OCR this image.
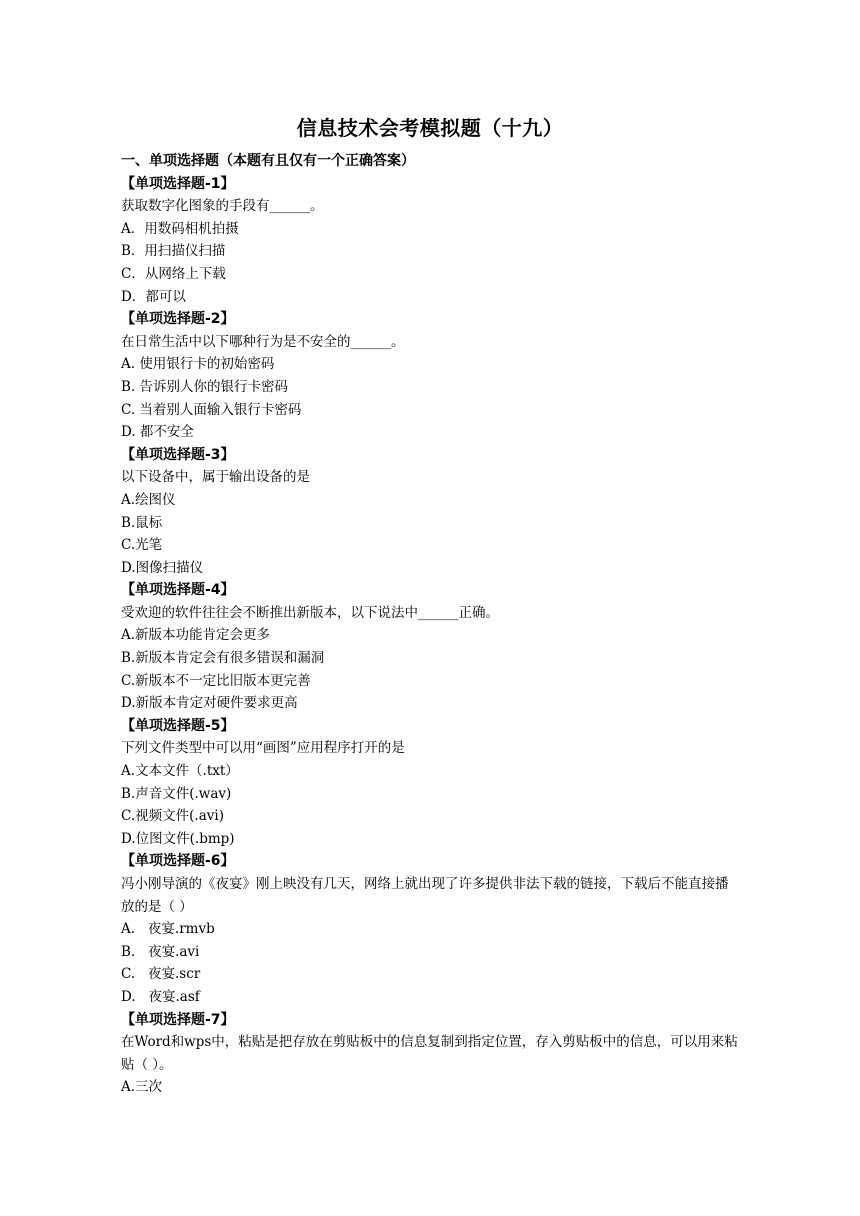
信息技术会考模拟题（十九）
一、单项选择题（本题有且仅有一个正确答案）
【单项选择题-1】
获取数字化图象的手段有______。
A．用数码相机拍摄
B．用扫描仪扫描
C．从网络上下载
D．都可以
【单项选择题-2】
在日常生活中以下哪种行为是不安全的______。
A. 使用银行卡的初始密码
B. 告诉别人你的银行卡密码
C. 当着别人面输入银行卡密码
D. 都不安全
【单项选择题-3】
以下设备中，属于输出设备的是
A.绘图仪
B.鼠标
C.光笔
D.图像扫描仪
【单项选择题-4】
受欢迎的软件往往会不断推出新版本，以下说法中______正确。
A.新版本功能肯定会更多
B.新版本肯定会有很多错误和漏洞
C.新版本不一定比旧版本更完善
D.新版本肯定对硬件要求更高
【单项选择题-5】
下列文件类型中可以用“画图”应用程序打开的是
A.文本文件（.txt）
B.声音文件(.wav)
C.视频文件(.avi)
D.位图文件(.bmp)
【单项选择题-6】
冯小刚导演的《夜宴》刚上映没有几天，网络上就出现了许多提供非法下载的链接，下载后不能直接播放的是（ ）
A.   夜宴.rmvb
B.   夜宴.avi
C.   夜宴.scr
D.   夜宴.asf
【单项选择题-7】
在Word和wps中，粘贴是把存放在剪贴板中的信息复制到指定位置，存入剪贴板中的信息，可以用来粘贴（ ）。
A.三次
